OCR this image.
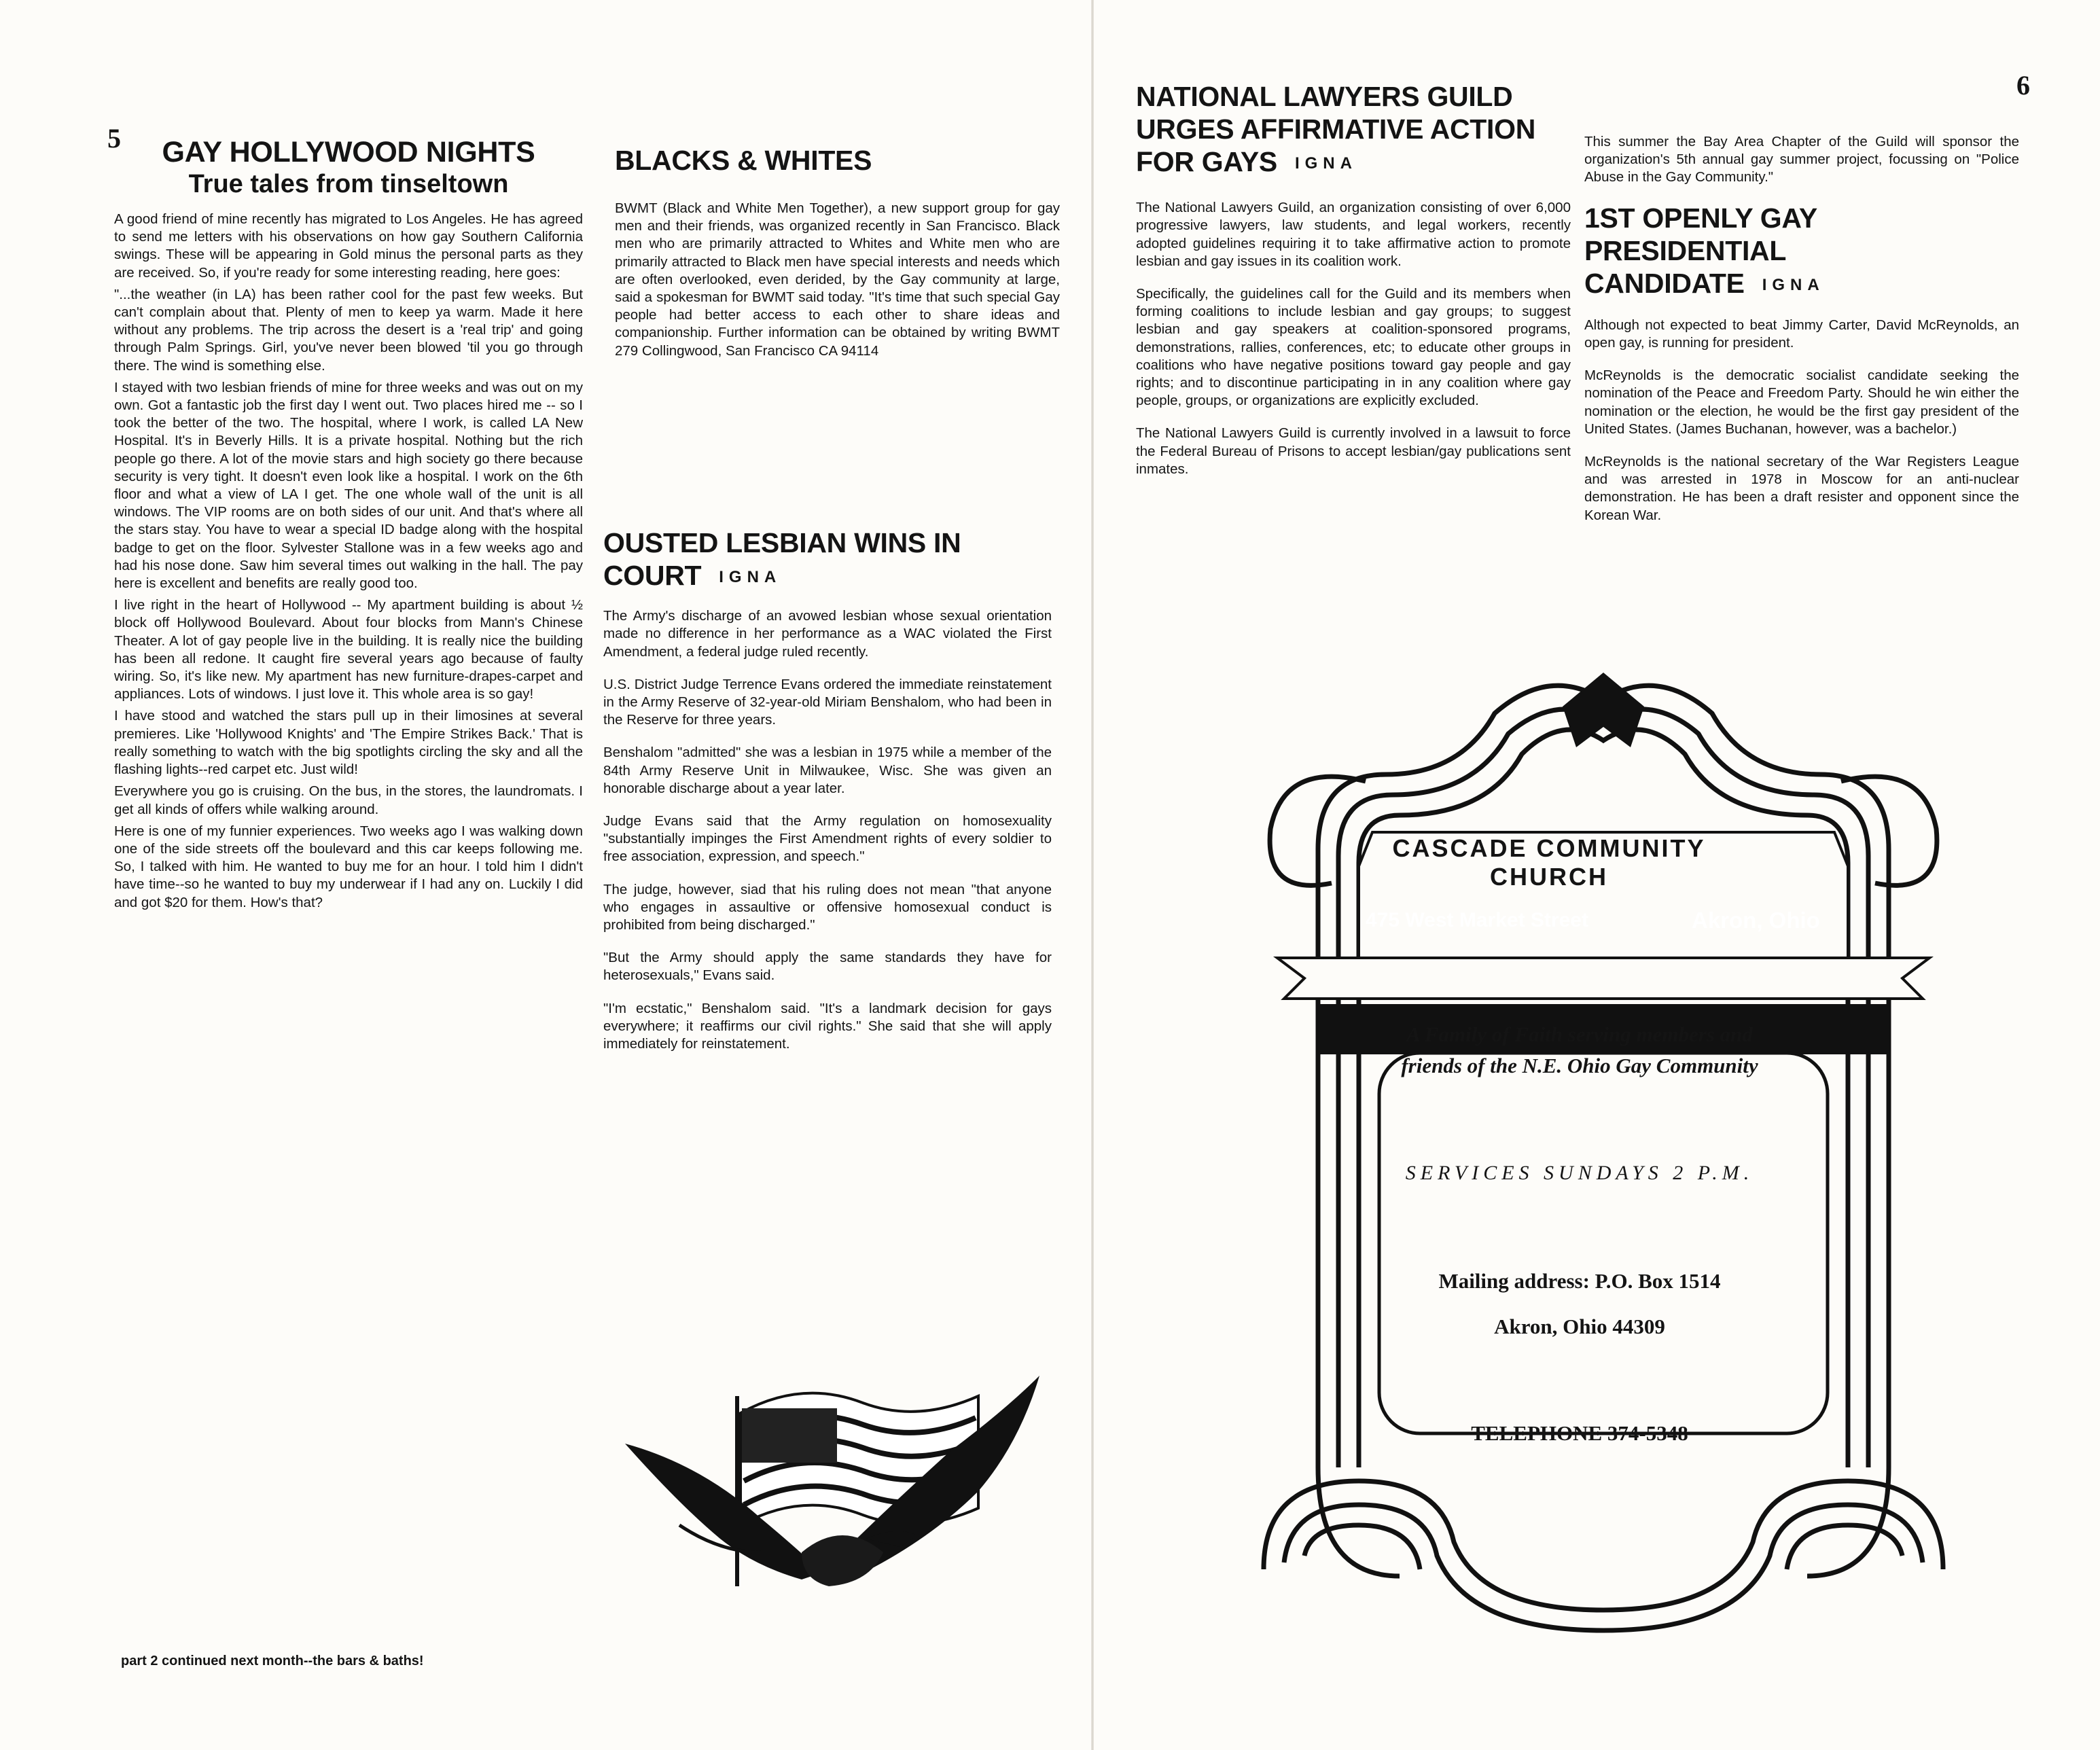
5
6
GAY HOLLYWOOD NIGHTS
True tales from tinseltown

A good friend of mine recently has migrated to Los Angeles. He has agreed to send me letters with his observations on how gay Southern California swings. These will be appearing in Gold minus the personal parts as they are received. So, if you're ready for some interesting reading, here goes:

"...the weather (in LA) has been rather cool for the past few weeks. But can't complain about that. Plenty of men to keep ya warm. Made it here without any problems. The trip across the desert is a 'real trip' and going through Palm Springs. Girl, you've never been blowed 'til you go through there. The wind is something else.

I stayed with two lesbian friends of mine for three weeks and was out on my own. Got a fantastic job the first day I went out. Two places hired me -- so I took the better of the two. The hospital, where I work, is called LA New Hospital. It's in Beverly Hills. It is a private hospital. Nothing but the rich people go there. A lot of the movie stars and high society go there because security is very tight. It doesn't even look like a hospital. I work on the 6th floor and what a view of LA I get. The one whole wall of the unit is all windows. The VIP rooms are on both sides of our unit. And that's where all the stars stay. You have to wear a special ID badge along with the hospital badge to get on the floor. Sylvester Stallone was in a few weeks ago and had his nose done. Saw him several times out walking in the hall. The pay here is excellent and benefits are really good too.

I live right in the heart of Hollywood -- My apartment building is about ½ block off Hollywood Boulevard. About four blocks from Mann's Chinese Theater. A lot of gay people live in the building. It is really nice the building has been all redone. It caught fire several years ago because of faulty wiring. So, it's like new. My apartment has new furniture-drapes-carpet and appliances. Lots of windows. I just love it. This whole area is so gay!

I have stood and watched the stars pull up in their limosines at several premieres. Like 'Hollywood Knights' and 'The Empire Strikes Back.' That is really something to watch with the big spotlights circling the sky and all the flashing lights--red carpet etc. Just wild!

Everywhere you go is cruising. On the bus, in the stores, the laundromats. I get all kinds of offers while walking around.

Here is one of my funnier experiences. Two weeks ago I was walking down one of the side streets off the boulevard and this car keeps following me. So, I talked with him. He wanted to buy me for an hour. I told him I didn't have time--so he wanted to buy my underwear if I had any on. Luckily I did and got $20 for them. How's that?

part 2 continued next month--the bars & baths!
BLACKS & WHITES

BWMT (Black and White Men Together), a new support group for gay men and their friends, was organized recently in San Francisco. Black men who are primarily attracted to Whites and White men who are primarily attracted to Black men have special interests and needs which are often overlooked, even derided, by the Gay community at large, said a spokesman for BWMT said today. "It's time that such special Gay people had better access to each other to share ideas and companionship. Further information can be obtained by writing BWMT 279 Collingwood, San Francisco CA 94114

OUSTED LESBIAN WINS IN
COURT IGNA

The Army's discharge of an avowed lesbian whose sexual orientation made no difference in her performance as a WAC violated the First Amendment, a federal judge ruled recently.

U.S. District Judge Terrence Evans ordered the immediate reinstatement in the Army Reserve of 32-year-old Miriam Benshalom, who had been in the Reserve for three years.

Benshalom "admitted" she was a lesbian in 1975 while a member of the 84th Army Reserve Unit in Milwaukee, Wisc. She was given an honorable discharge about a year later.

Judge Evans said that the Army regulation on homosexuality "substantially impinges the First Amendment rights of every soldier to free association, expression, and speech."

The judge, however, siad that his ruling does not mean "that anyone who engages in assaultive or offensive homosexual conduct is prohibited from being discharged."

"But the Army should apply the same standards they have for heterosexuals," Evans said.

"I'm ecstatic," Benshalom said. "It's a landmark decision for gays everywhere; it reaffirms our civil rights." She said that she will apply immediately for reinstatement.

NATIONAL LAWYERS GUILD
URGES AFFIRMATIVE ACTION
FOR GAYS IGNA

The National Lawyers Guild, an organization consisting of over 6,000 progressive lawyers, law students, and legal workers, recently adopted guidelines requiring it to take affirmative action to promote lesbian and gay issues in its coalition work.

Specifically, the guidelines call for the Guild and its members when forming coalitions to include lesbian and gay groups; to suggest lesbian and gay speakers at coalition-sponsored programs, demonstrations, rallies, conferences, etc; to educate other groups in coalitions who have negative positions toward gay people and gay rights; and to discontinue participating in in any coalition where gay people, groups, or organizations are explicitly excluded.

The National Lawyers Guild is currently involved in a lawsuit to force the Federal Bureau of Prisons to accept lesbian/gay publications sent inmates.

This summer the Bay Area Chapter of the Guild will sponsor the organization's 5th annual gay summer project, focussing on "Police Abuse in the Gay Community."

1ST OPENLY GAY PRESIDENTIAL
CANDIDATE IGNA

Although not expected to beat Jimmy Carter, David McReynolds, an open gay, is running for president.

McReynolds is the democratic socialist candidate seeking the nomination of the Peace and Freedom Party. Should he win either the nomination or the election, he would be the first gay president of the United States. (James Buchanan, however, was a bachelor.)

McReynolds is the national secretary of the War Registers League and was arrested in 1978 in Moscow for an anti-nuclear demonstration. He has been a draft resister and opponent since the Korean War.

CASCADE COMMUNITY CHURCH
475 West Market Street	Akron, Ohio
A Family of Faith serving members and
friends of the N.E. Ohio Gay Community
SERVICES SUNDAYS 2 P.M.
Mailing address: P.O. Box 1514
Akron, Ohio 44309
TELEPHONE 374-5348
